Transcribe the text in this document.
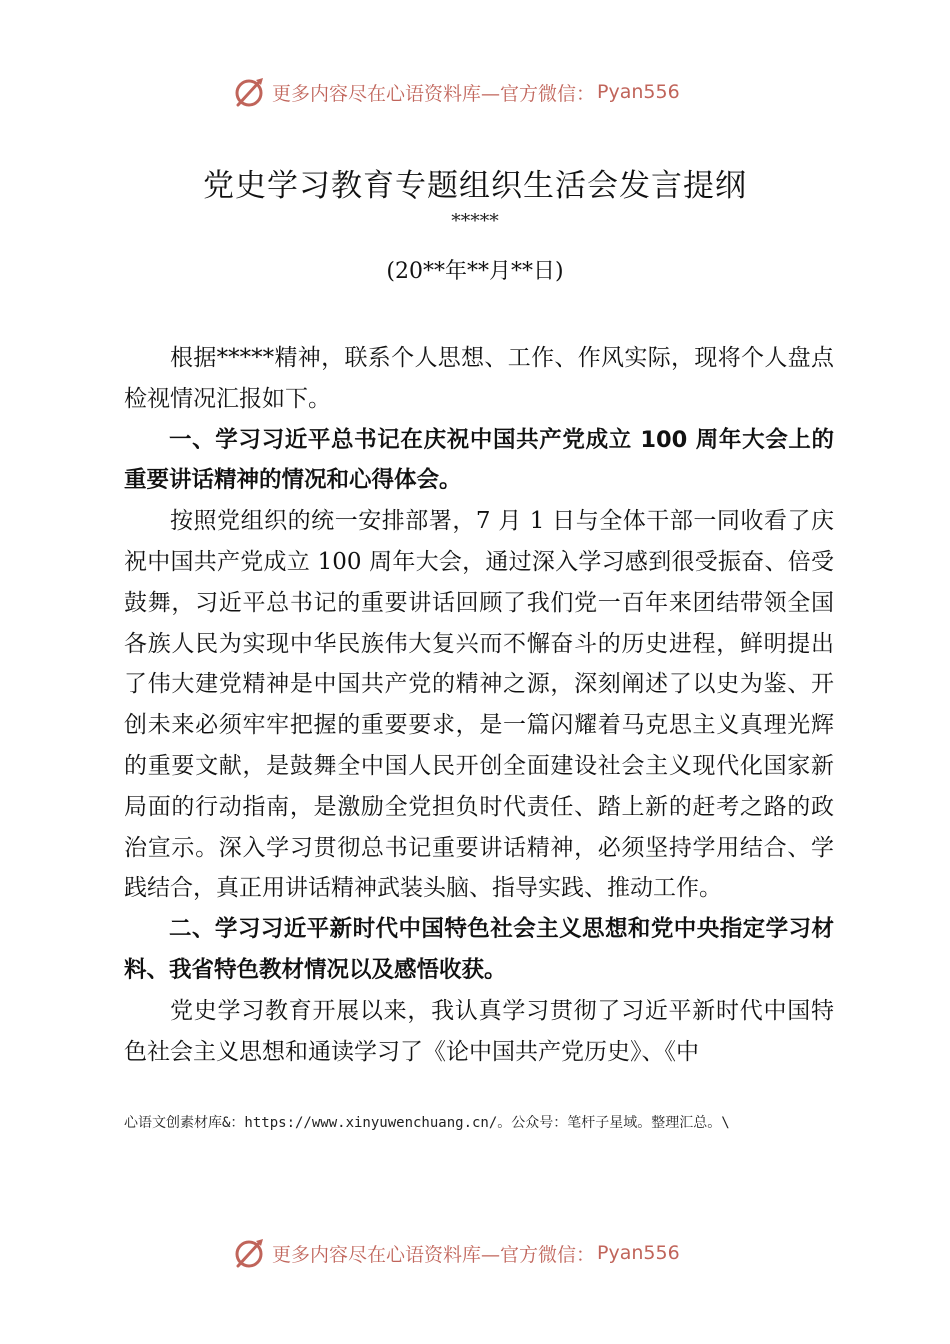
更多内容尽在心语资料库—官方微信： Pyan556
党史学习教育专题组织生活会发言提纲
*****
(20**年**月**日)

根据*****精神，联系个人思想、工作、作风实际，现将个人盘点检视情况汇报如下。

一、学习习近平总书记在庆祝中国共产党成立 100 周年大会上的重要讲话精神的情况和心得体会。

按照党组织的统一安排部署，7 月 1 日与全体干部一同收看了庆祝中国共产党成立 100 周年大会，通过深入学习感到很受振奋、倍受鼓舞，习近平总书记的重要讲话回顾了我们党一百年来团结带领全国各族人民为实现中华民族伟大复兴而不懈奋斗的历史进程，鲜明提出了伟大建党精神是中国共产党的精神之源，深刻阐述了以史为鉴、开创未来必须牢牢把握的重要要求，是一篇闪耀着马克思主义真理光辉的重要文献，是鼓舞全中国人民开创全面建设社会主义现代化国家新局面的行动指南，是激励全党担负时代责任、踏上新的赶考之路的政治宣示。深入学习贯彻总书记重要讲话精神，必须坚持学用结合、学践结合，真正用讲话精神武装头脑、指导实践、推动工作。

二、学习习近平新时代中国特色社会主义思想和党中央指定学习材料、我省特色教材情况以及感悟收获。

党史学习教育开展以来，我认真学习贯彻了习近平新时代中国特色社会主义思想和通读学习了《论中国共产党历史》、《中

心语文创素材库&：https://www.xinyuwenchuang.cn/。公众号：笔杆子星域。整理汇总。\
更多内容尽在心语资料库—官方微信： Pyan556
